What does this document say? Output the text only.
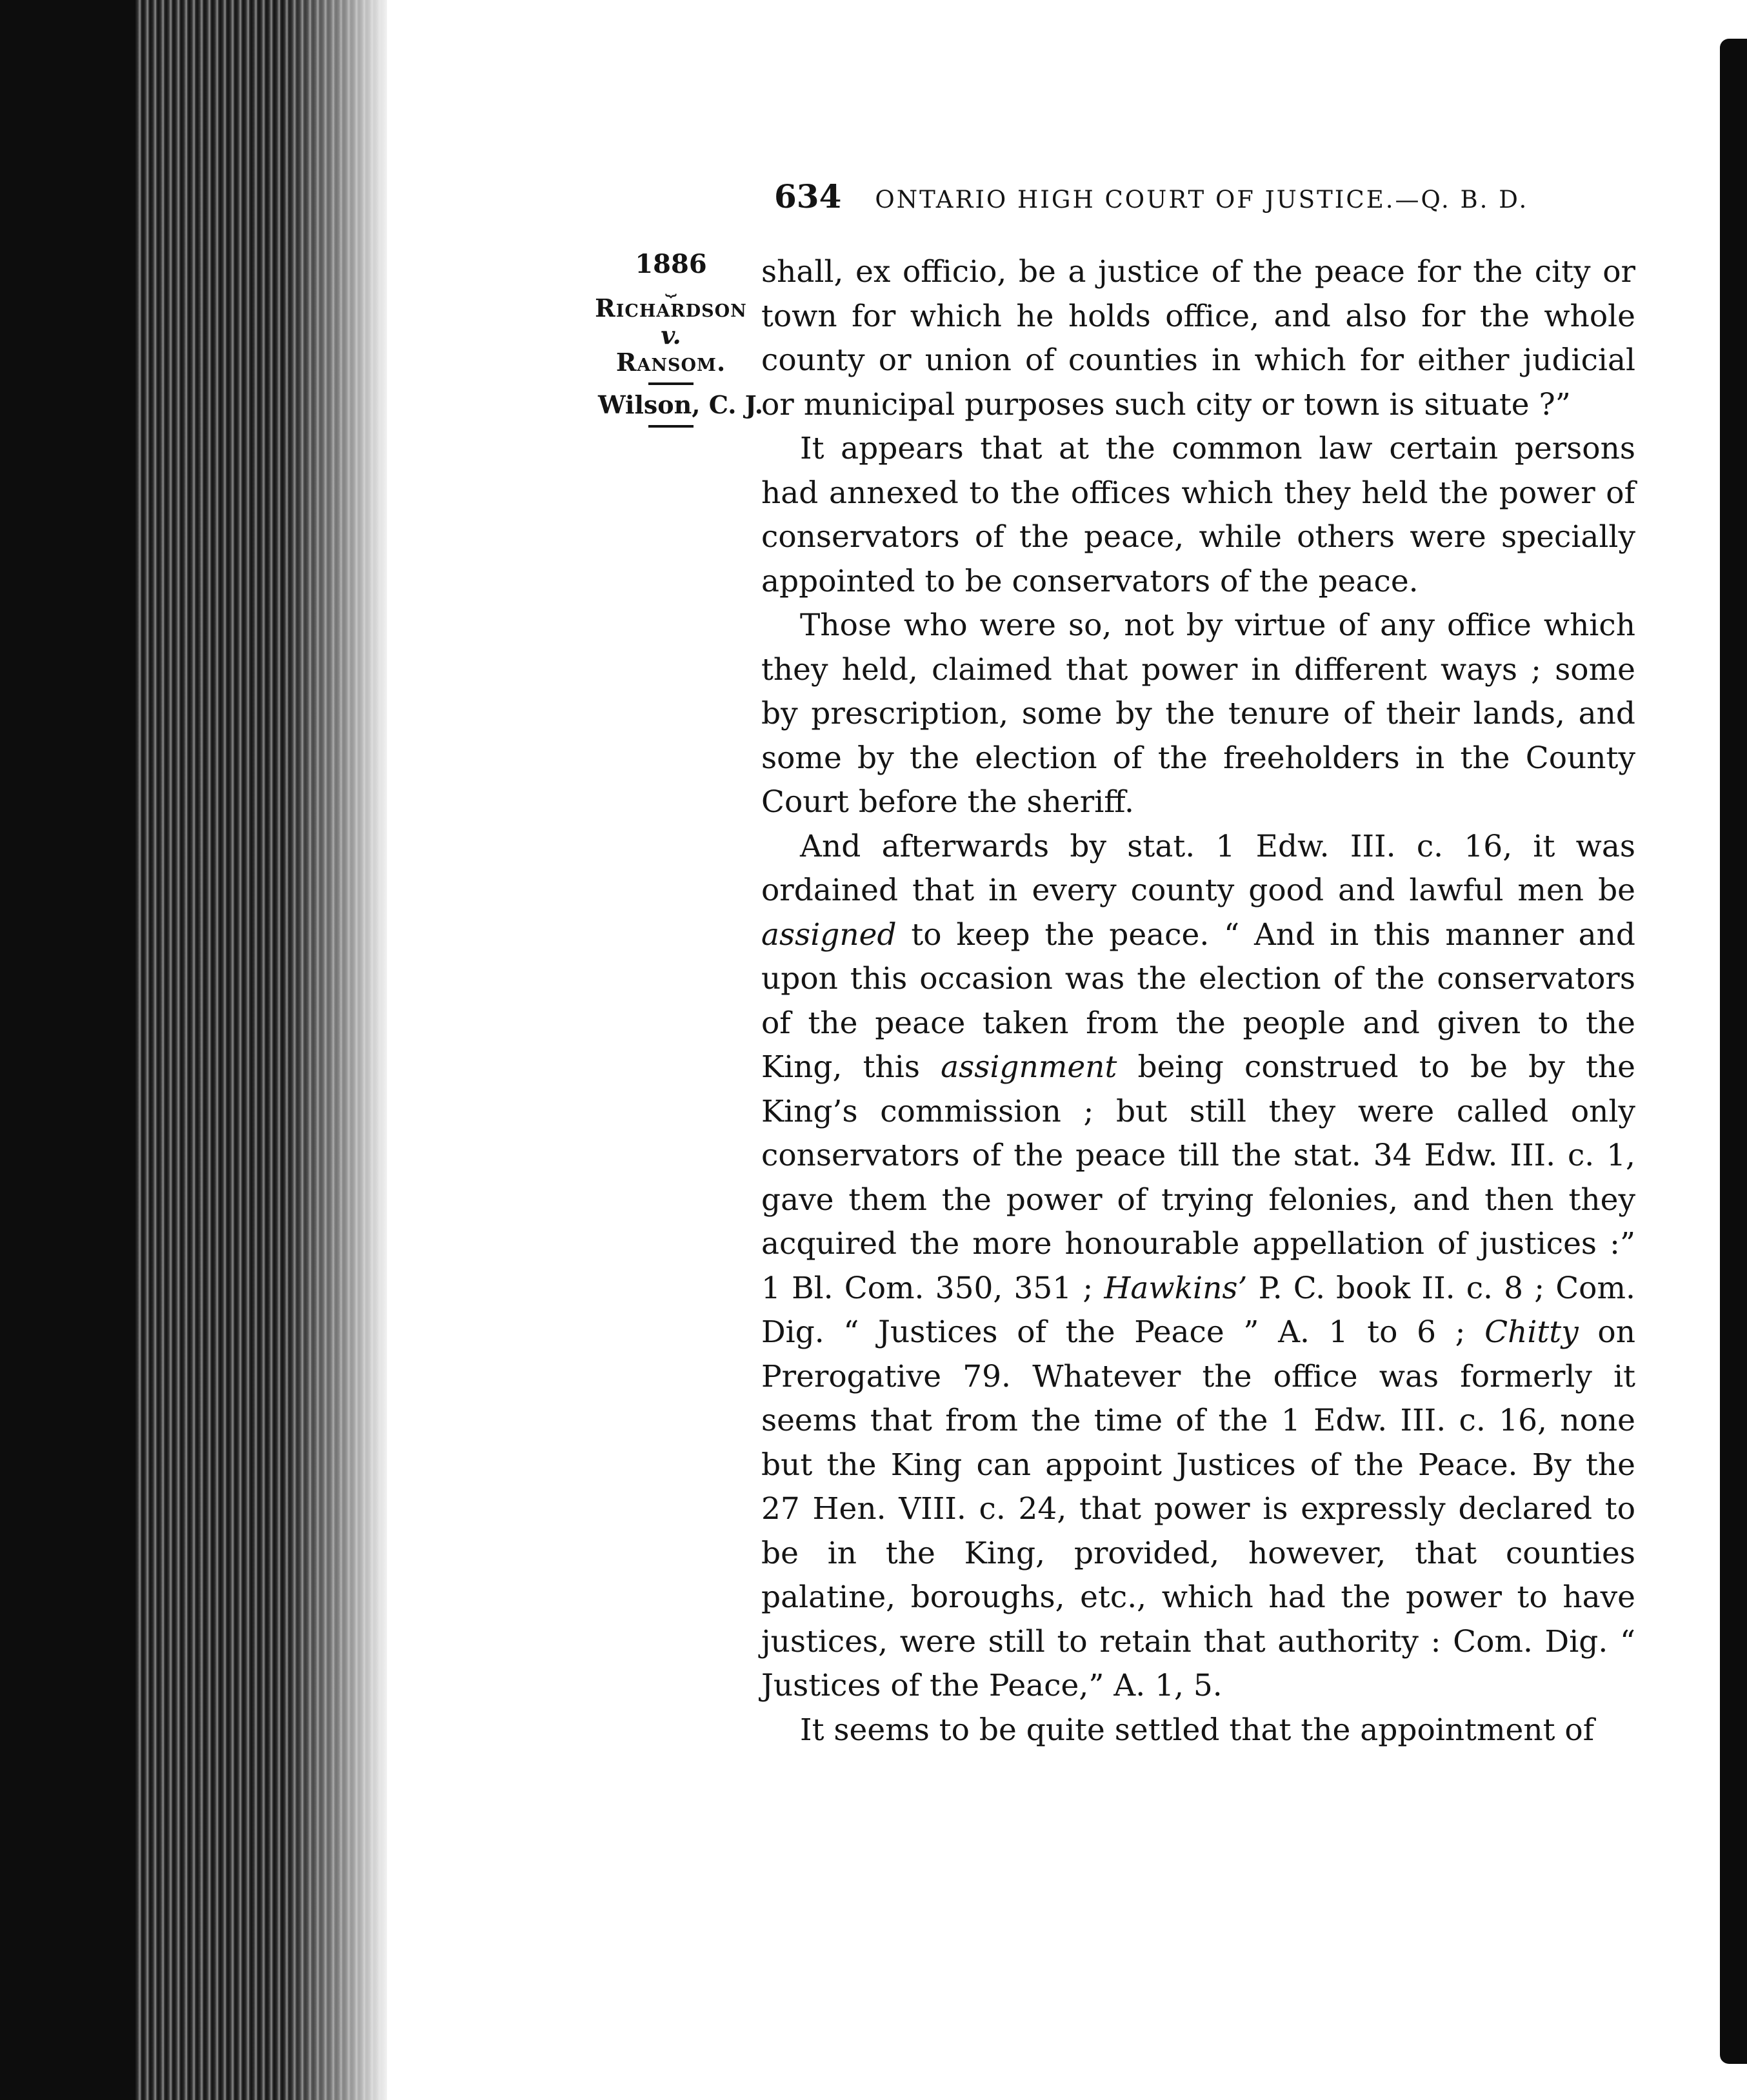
634 ONTARIO HIGH COURT OF JUSTICE.—Q. B. D.
1886
⏟
Richardson
v.
Ransom.
Wilson, C. J.

shall, ex officio, be a justice of the peace for the city or town for which he holds office, and also for the whole county or union of counties in which for either judicial or municipal purposes such city or town is situate ?”

It appears that at the common law certain persons had annexed to the offices which they held the power of conservators of the peace, while others were specially appointed to be conservators of the peace.

Those who were so, not by virtue of any office which they held, claimed that power in different ways ; some by prescription, some by the tenure of their lands, and some by the election of the freeholders in the County Court before the sheriff.

And afterwards by stat. 1 Edw. III. c. 16, it was ordained that in every county good and lawful men be assigned to keep the peace. “ And in this manner and upon this occasion was the election of the conservators of the peace taken from the people and given to the King, this assignment being construed to be by the King’s commission ; but still they were called only conservators of the peace till the stat. 34 Edw. III. c. 1, gave them the power of trying felonies, and then they acquired the more honourable appellation of justices :” 1 Bl. Com. 350, 351 ; Hawkins’ P. C. book II. c. 8 ; Com. Dig. “ Justices of the Peace ” A. 1 to 6 ; Chitty on Prerogative 79. Whatever the office was formerly it seems that from the time of the 1 Edw. III. c. 16, none but the King can appoint Justices of the Peace. By the 27 Hen. VIII. c. 24, that power is expressly declared to be in the King, provided, however, that counties palatine, boroughs, etc., which had the power to have justices, were still to retain that authority : Com. Dig. “ Justices of the Peace,” A. 1, 5.

It seems to be quite settled that the appointment of
